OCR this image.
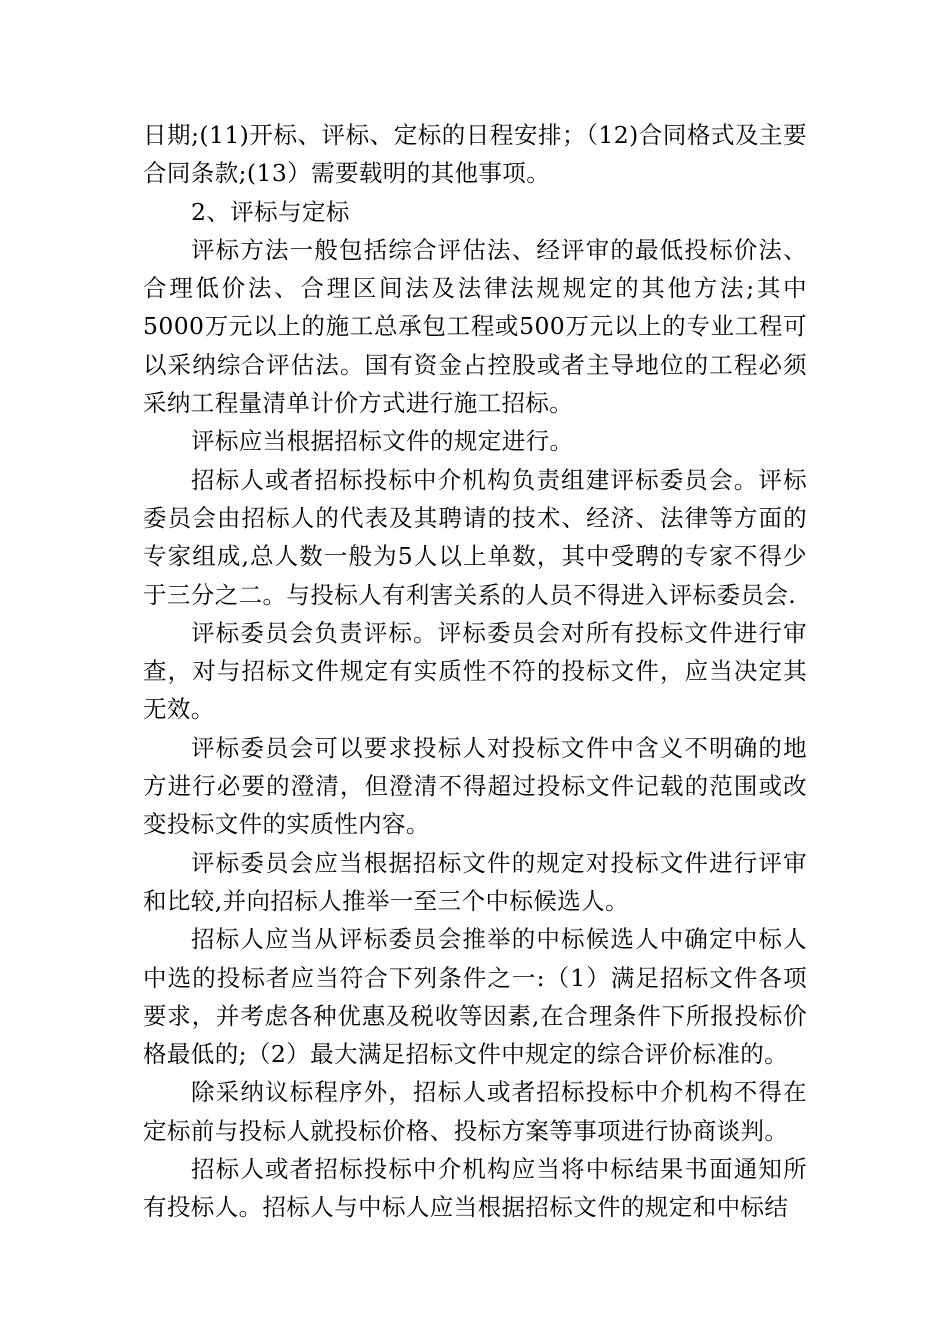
日期;(11)开标、评标、定标的日程安排；（12)合同格式及主要合同条款;(13）需要载明的其他事项。

2、评标与定标

评标方法一般包括综合评估法、经评审的最低投标价法、合理低价法、合理区间法及法律法规规定的其他方法;其中5000万元以上的施工总承包工程或500万元以上的专业工程可以采纳综合评估法。国有资金占控股或者主导地位的工程必须采纳工程量清单计价方式进行施工招标。

评标应当根据招标文件的规定进行。

招标人或者招标投标中介机构负责组建评标委员会。评标委员会由招标人的代表及其聘请的技术、经济、法律等方面的专家组成,总人数一般为5人以上单数，其中受聘的专家不得少于三分之二。与投标人有利害关系的人员不得进入评标委员会.

评标委员会负责评标。评标委员会对所有投标文件进行审查，对与招标文件规定有实质性不符的投标文件，应当决定其无效。

评标委员会可以要求投标人对投标文件中含义不明确的地方进行必要的澄清，但澄清不得超过投标文件记载的范围或改变投标文件的实质性内容。

评标委员会应当根据招标文件的规定对投标文件进行评审和比较,并向招标人推举一至三个中标候选人。

招标人应当从评标委员会推举的中标候选人中确定中标人中选的投标者应当符合下列条件之一:（1）满足招标文件各项要求，并考虑各种优惠及税收等因素,在合理条件下所报投标价格最低的;（2）最大满足招标文件中规定的综合评价标准的。

除采纳议标程序外，招标人或者招标投标中介机构不得在定标前与投标人就投标价格、投标方案等事项进行协商谈判。

招标人或者招标投标中介机构应当将中标结果书面通知所有投标人。招标人与中标人应当根据招标文件的规定和中标结
